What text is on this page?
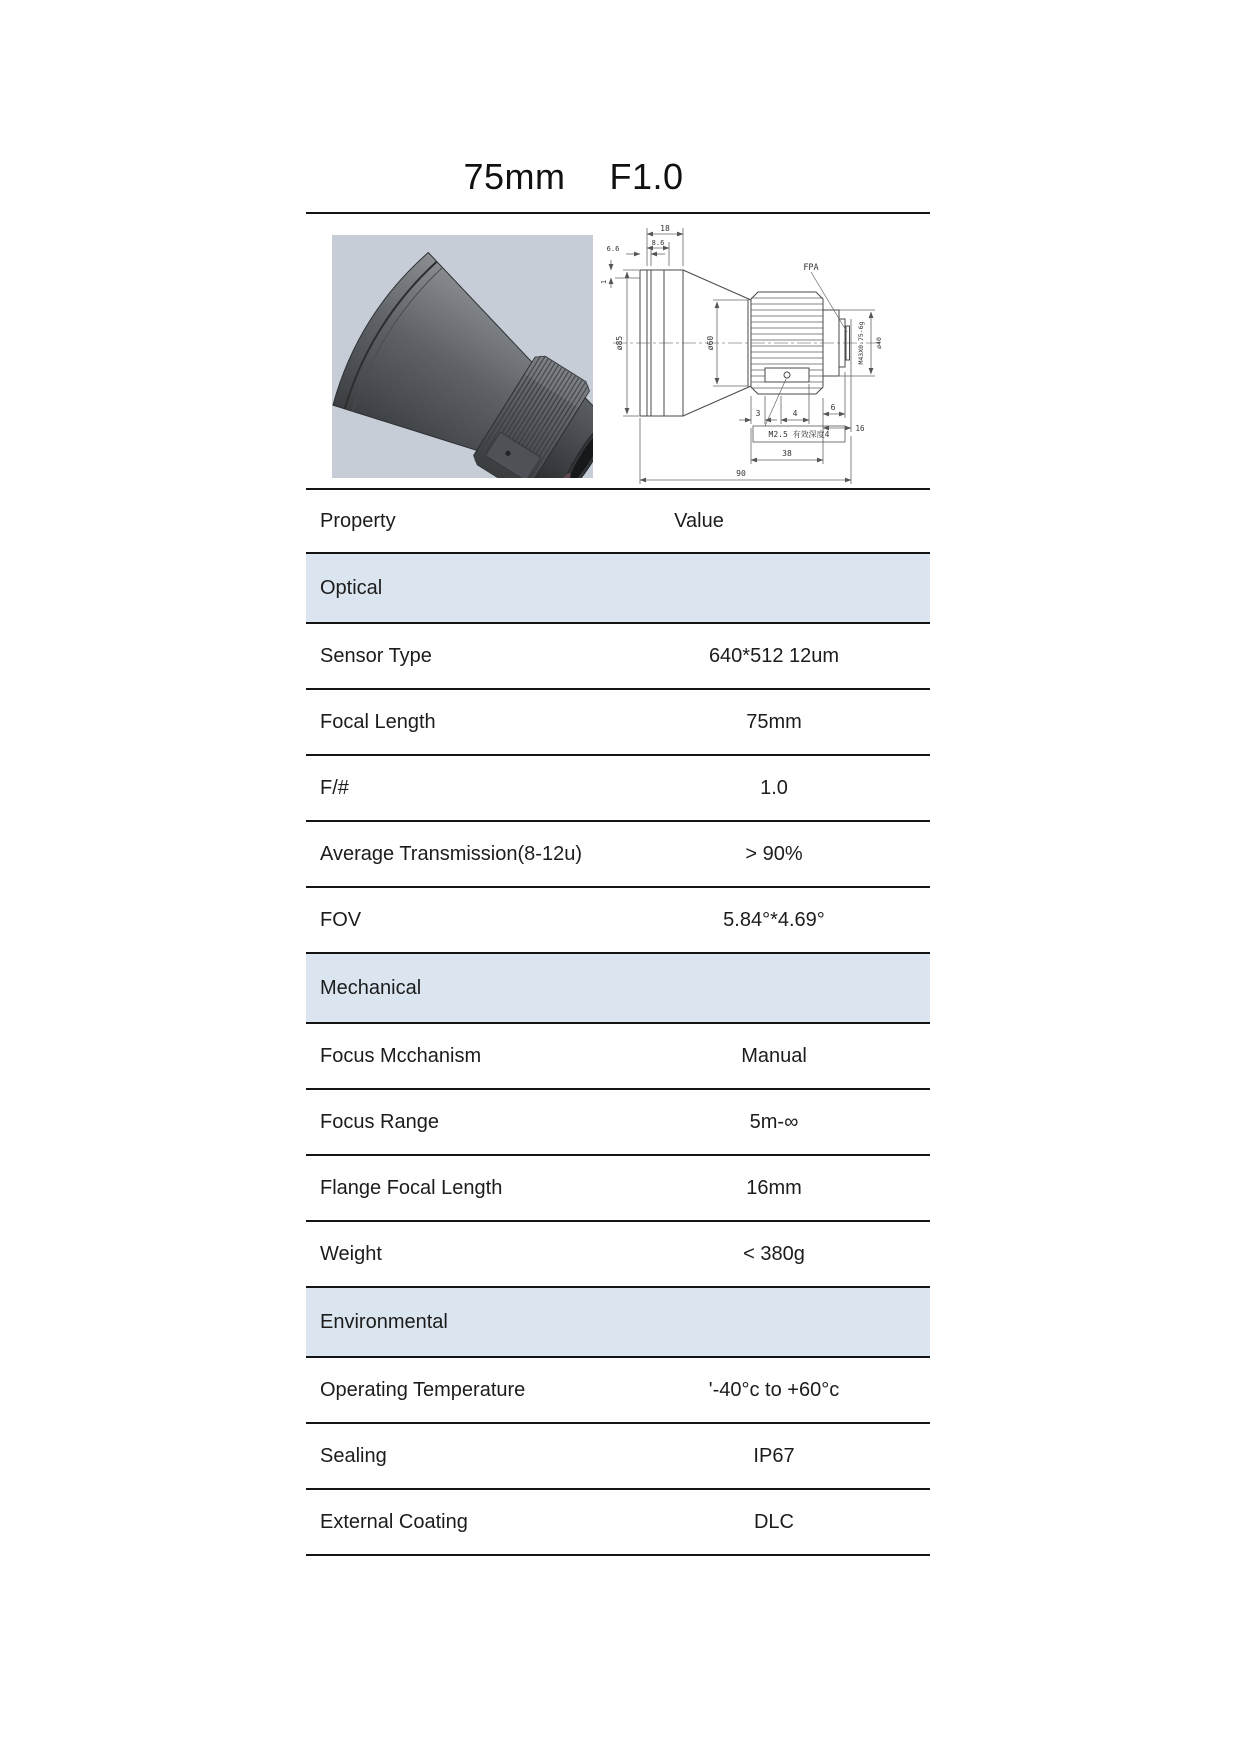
75mm F1.0
18
8.6
6.6
1
ø85	ø60
FPA
M43X0.75-6g ø40
3	4
6
16
M2.5 有效深度4
38
90
Property	Value
Optical
Sensor Type	640*512 12um
Focal Length	75mm
F/#	1.0
Average Transmission(8-12u)	> 90%
FOV	5.84°*4.69°
Mechanical
Focus Mcchanism	Manual
Focus Range	5m-∞
Flange Focal Length	16mm
Weight	< 380g
Environmental
Operating Temperature	'-40°c to +60°c
Sealing	IP67
External Coating	DLC
